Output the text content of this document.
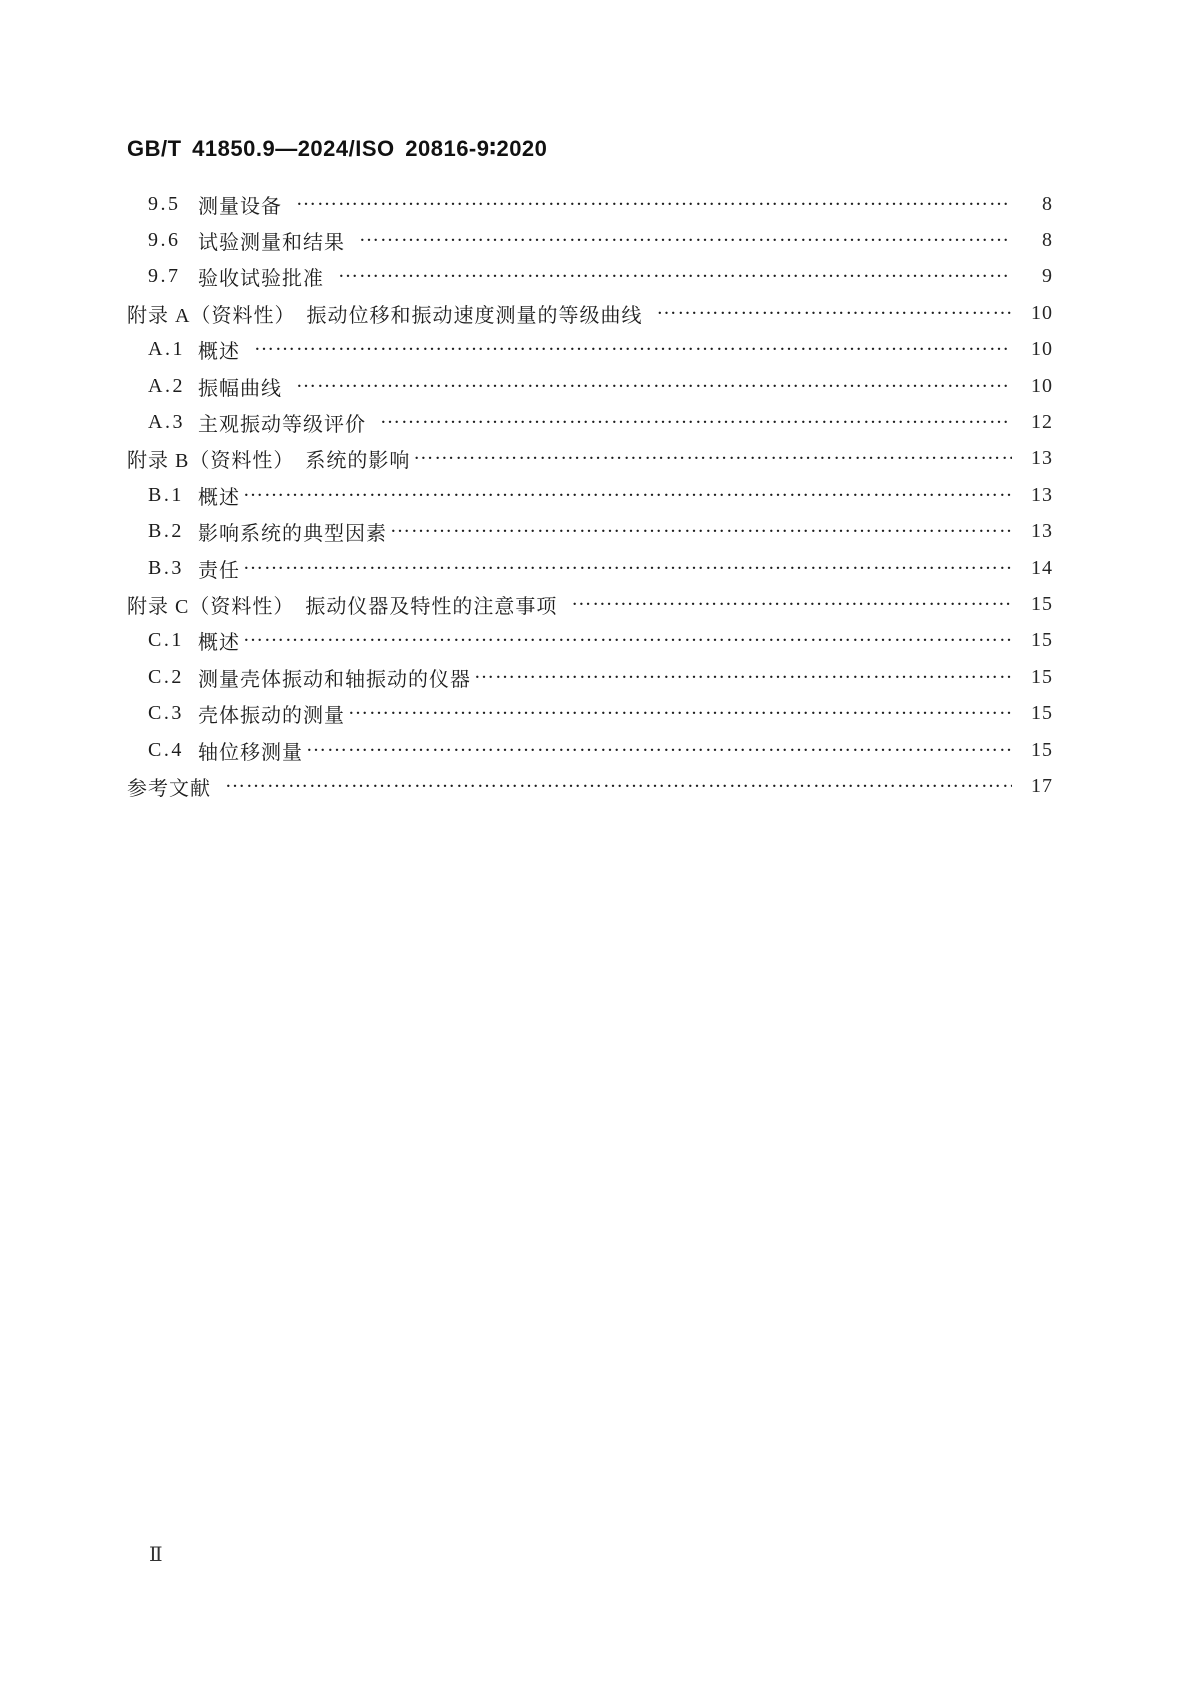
GB/T 41850.9—2024/ISO 20816-9∶2020
9.5 测量设备 ……………………………………………………………………………………………………………………………………………………………………………………………………………………………………………………………………………………	8
9.6 试验测量和结果 ……………………………………………………………………………………………………………………………………………………………………………………………………………………………………………………………………………………	8
9.7 验收试验批准 ……………………………………………………………………………………………………………………………………………………………………………………………………………………………………………………………………………………	9
附录 A（资料性）　振动位移和振动速度测量的等级曲线 ……………………………………………………………………………………………………………………………………………………………………………………………………………………………………………………………………………………	10
A.1 概述 ……………………………………………………………………………………………………………………………………………………………………………………………………………………………………………………………………………………	10
A.2 振幅曲线 ……………………………………………………………………………………………………………………………………………………………………………………………………………………………………………………………………………………	10
A.3 主观振动等级评价 ……………………………………………………………………………………………………………………………………………………………………………………………………………………………………………………………………………………	12
附录 B（资料性）　系统的影响 ……………………………………………………………………………………………………………………………………………………………………………………………………………………………………………………………………………………	13
B.1 概述 ……………………………………………………………………………………………………………………………………………………………………………………………………………………………………………………………………………………	13
B.2 影响系统的典型因素 ……………………………………………………………………………………………………………………………………………………………………………………………………………………………………………………………………………………	13
B.3 责任 ……………………………………………………………………………………………………………………………………………………………………………………………………………………………………………………………………………………	14
附录 C（资料性）　振动仪器及特性的注意事项 ……………………………………………………………………………………………………………………………………………………………………………………………………………………………………………………………………………………	15
C.1 概述 ……………………………………………………………………………………………………………………………………………………………………………………………………………………………………………………………………………………	15
C.2 测量壳体振动和轴振动的仪器 ……………………………………………………………………………………………………………………………………………………………………………………………………………………………………………………………………………………	15
C.3 壳体振动的测量 ……………………………………………………………………………………………………………………………………………………………………………………………………………………………………………………………………………………	15
C.4 轴位移测量 ……………………………………………………………………………………………………………………………………………………………………………………………………………………………………………………………………………………	15
参考文献 ……………………………………………………………………………………………………………………………………………………………………………………………………………………………………………………………………………………	17
Ⅱ
